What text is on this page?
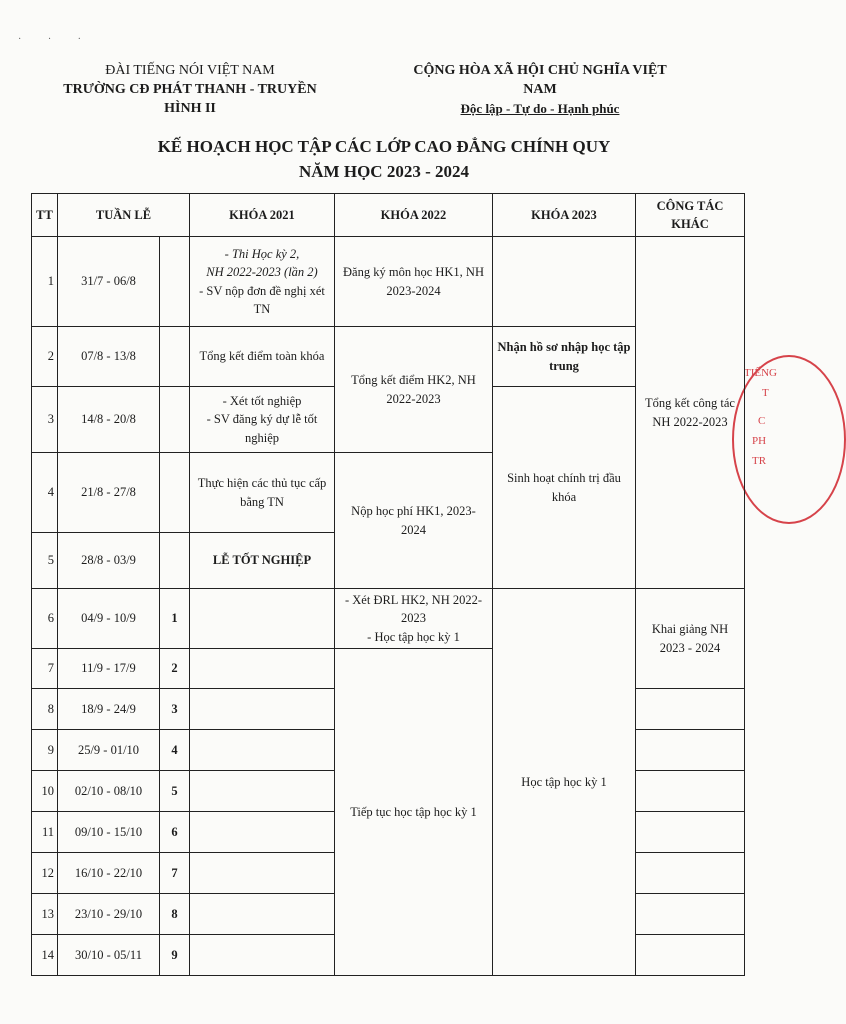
· · ·
ĐÀI TIẾNG NÓI VIỆT NAM
TRƯỜNG CĐ PHÁT THANH - TRUYỀN HÌNH II
CỘNG HÒA XÃ HỘI CHỦ NGHĨA VIỆT NAM
Độc lập - Tự do - Hạnh phúc
KẾ HOẠCH HỌC TẬP CÁC LỚP CAO ĐẲNG CHÍNH QUY
NĂM HỌC 2023 - 2024
TIẾNG
T
C
PH
TR
TT	TUẦN LỄ		KHÓA 2021	KHÓA 2022	KHÓA 2023	CÔNG TÁC KHÁC
1	31/7 - 06/8		- Thi Học kỳ 2,
NH 2022-2023 (lần 2)
- SV nộp đơn đề nghị xét TN	Đăng ký môn học HK1, NH 2023-2024		Tổng kết công tác NH 2022-2023
2	07/8 - 13/8		Tổng kết điểm toàn khóa	Tổng kết điểm HK2, NH 2022-2023	Nhận hồ sơ nhập học tập trung	
3	14/8 - 20/8		- Xét tốt nghiệp
- SV đăng ký dự lễ tốt nghiệp		Sinh hoạt chính trị đầu khóa	
4	21/8 - 27/8		Thực hiện các thủ tục cấp bằng TN	Nộp học phí HK1, 2023-2024		
5	28/8 - 03/9		LỄ TỐT NGHIỆP			
6	04/9 - 10/9	1		- Xét ĐRL HK2, NH 2022-2023
- Học tập học kỳ 1	Học tập học kỳ 1	Khai giảng NH 2023 - 2024
7	11/9 - 17/9	2		Tiếp tục học tập học kỳ 1		
8	18/9 - 24/9	3				
9	25/9 - 01/10	4				
10	02/10 - 08/10	5				
11	09/10 - 15/10	6				
12	16/10 - 22/10	7				
13	23/10 - 29/10	8				
14	30/10 - 05/11	9				
